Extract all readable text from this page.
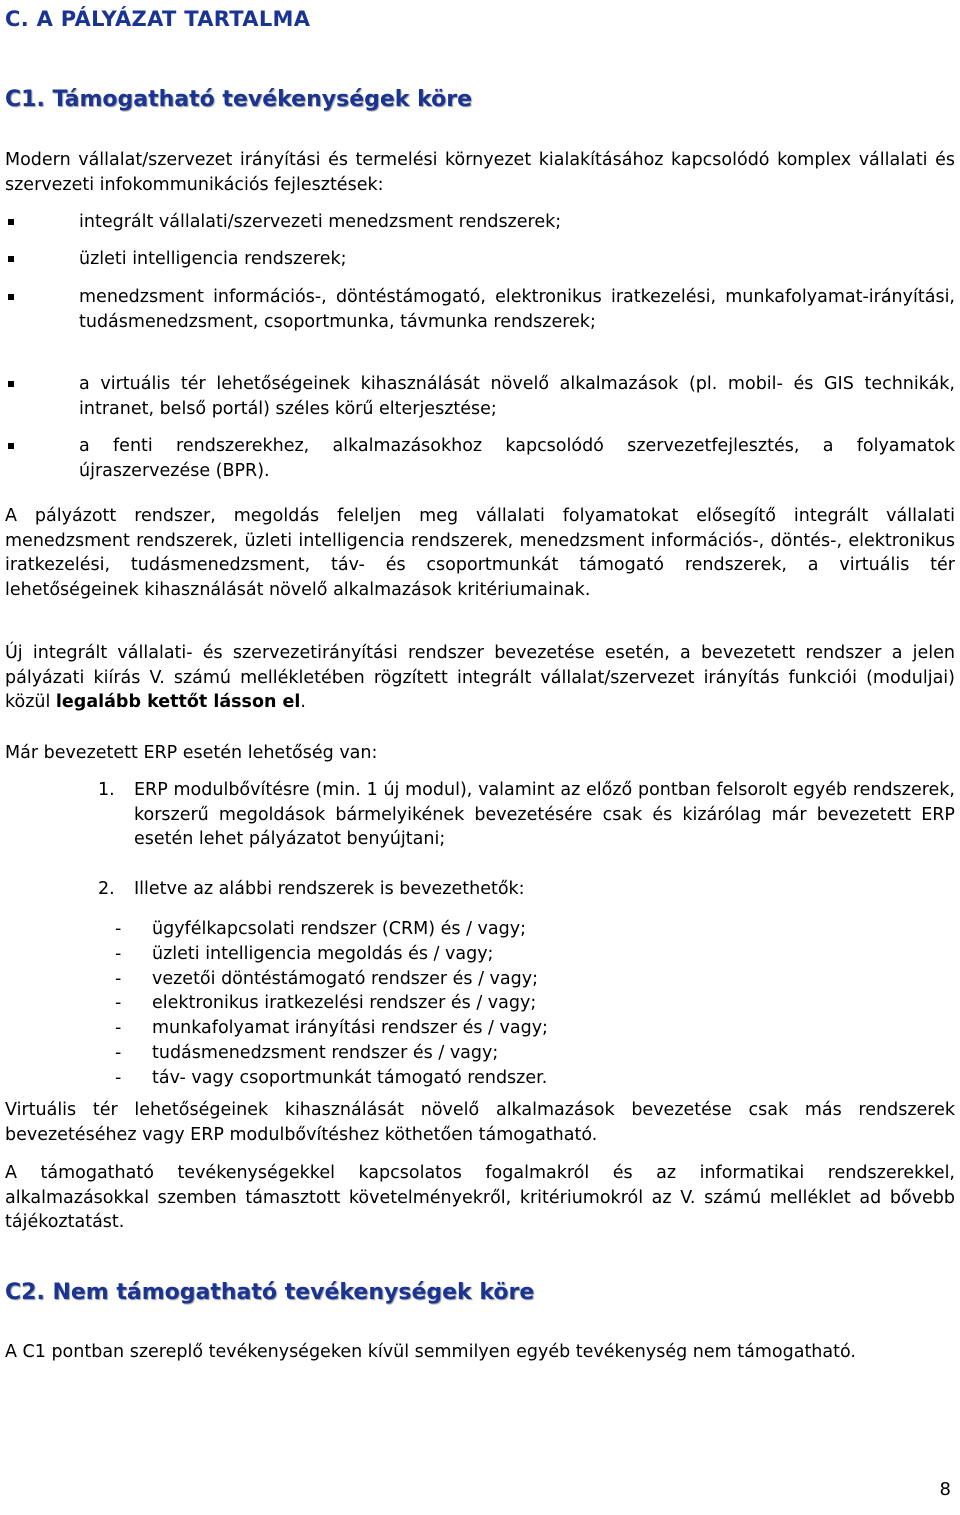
C. A PÁLYÁZAT TARTALMA
C1. Támogatható tevékenységek köre
Modern vállalat/szervezet irányítási és termelési környezet kialakításához kapcsolódó komplex vállalati és szervezeti infokommunikációs fejlesztések:
integrált vállalati/szervezeti menedzsment rendszerek;
üzleti intelligencia rendszerek;
menedzsment információs-, döntéstámogató, elektronikus iratkezelési, munkafolyamat-irányítási, tudásmenedzsment, csoportmunka, távmunka rendszerek;
a virtuális tér lehetőségeinek kihasználását növelő alkalmazások (pl. mobil- és GIS technikák, intranet, belső portál) széles körű elterjesztése;
a fenti rendszerekhez, alkalmazásokhoz kapcsolódó szervezetfejlesztés, a folyamatok újraszervezése (BPR).
A pályázott rendszer, megoldás feleljen meg vállalati folyamatokat elősegítő integrált vállalati menedzsment rendszerek, üzleti intelligencia rendszerek, menedzsment információs-, döntés-, elektronikus iratkezelési, tudásmenedzsment, táv- és csoportmunkát támogató rendszerek, a virtuális tér lehetőségeinek kihasználását növelő alkalmazások kritériumainak.
Új integrált vállalati- és szervezetirányítási rendszer bevezetése esetén, a bevezetett rendszer a jelen pályázati kiírás V. számú mellékletében rögzített integrált vállalat/szervezet irányítás funkciói (moduljai) közül legalább kettőt lásson el.
Már bevezetett ERP esetén lehetőség van:
1. ERP modulbővítésre (min. 1 új modul), valamint az előző pontban felsorolt egyéb rendszerek, korszerű megoldások bármelyikének bevezetésére csak és kizárólag már bevezetett ERP esetén lehet pályázatot benyújtani;
2. Illetve az alábbi rendszerek is bevezethetők:
- ügyfélkapcsolati rendszer (CRM) és / vagy;
- üzleti intelligencia megoldás és / vagy;
- vezetői döntéstámogató rendszer és / vagy;
- elektronikus iratkezelési rendszer és / vagy;
- munkafolyamat irányítási rendszer és / vagy;
- tudásmenedzsment rendszer és / vagy;
- táv- vagy csoportmunkát támogató rendszer.
Virtuális tér lehetőségeinek kihasználását növelő alkalmazások bevezetése csak más rendszerek bevezetéséhez vagy ERP modulbővítéshez köthetően támogatható.
A támogatható tevékenységekkel kapcsolatos fogalmakról és az informatikai rendszerekkel, alkalmazásokkal szemben támasztott követelményekről, kritériumokról az V. számú melléklet ad bővebb tájékoztatást.
C2. Nem támogatható tevékenységek köre
A C1 pontban szereplő tevékenységeken kívül semmilyen egyéb tevékenység nem támogatható.
8
